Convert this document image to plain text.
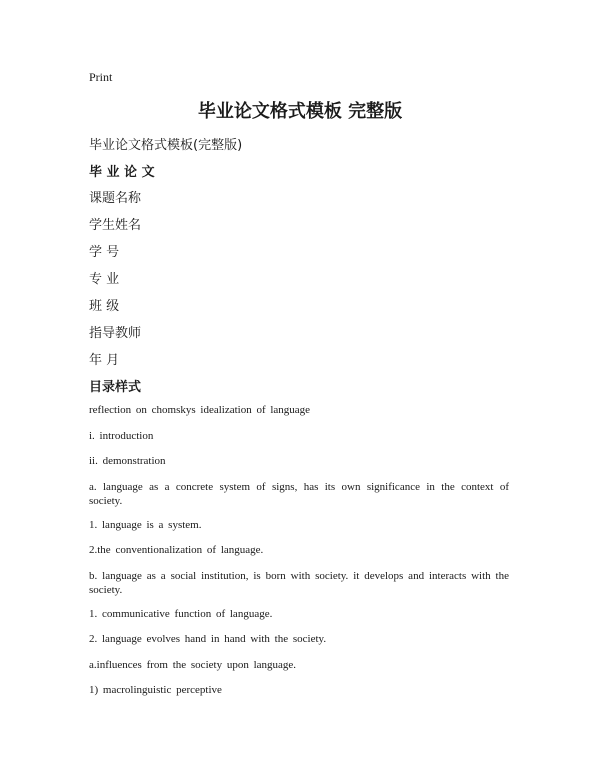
Print
毕业论文格式模板 完整版
毕业论文格式模板(完整版)
毕 业 论 文
课题名称
学生姓名
学 号
专 业
班 级
指导教师
年 月
目录样式
reflection on chomskys idealization of language
i. introduction
ii. demonstration

a. language as a concrete system of signs, has its own significance in the context of society.

1. language is a system.
2.the conventionalization of language.

b. language as a social institution, is born with society. it develops and interacts with the society.

1. communicative function of language.
2. language evolves hand in hand with the society.
a.influences from the society upon language.
1) macrolinguistic perceptive
